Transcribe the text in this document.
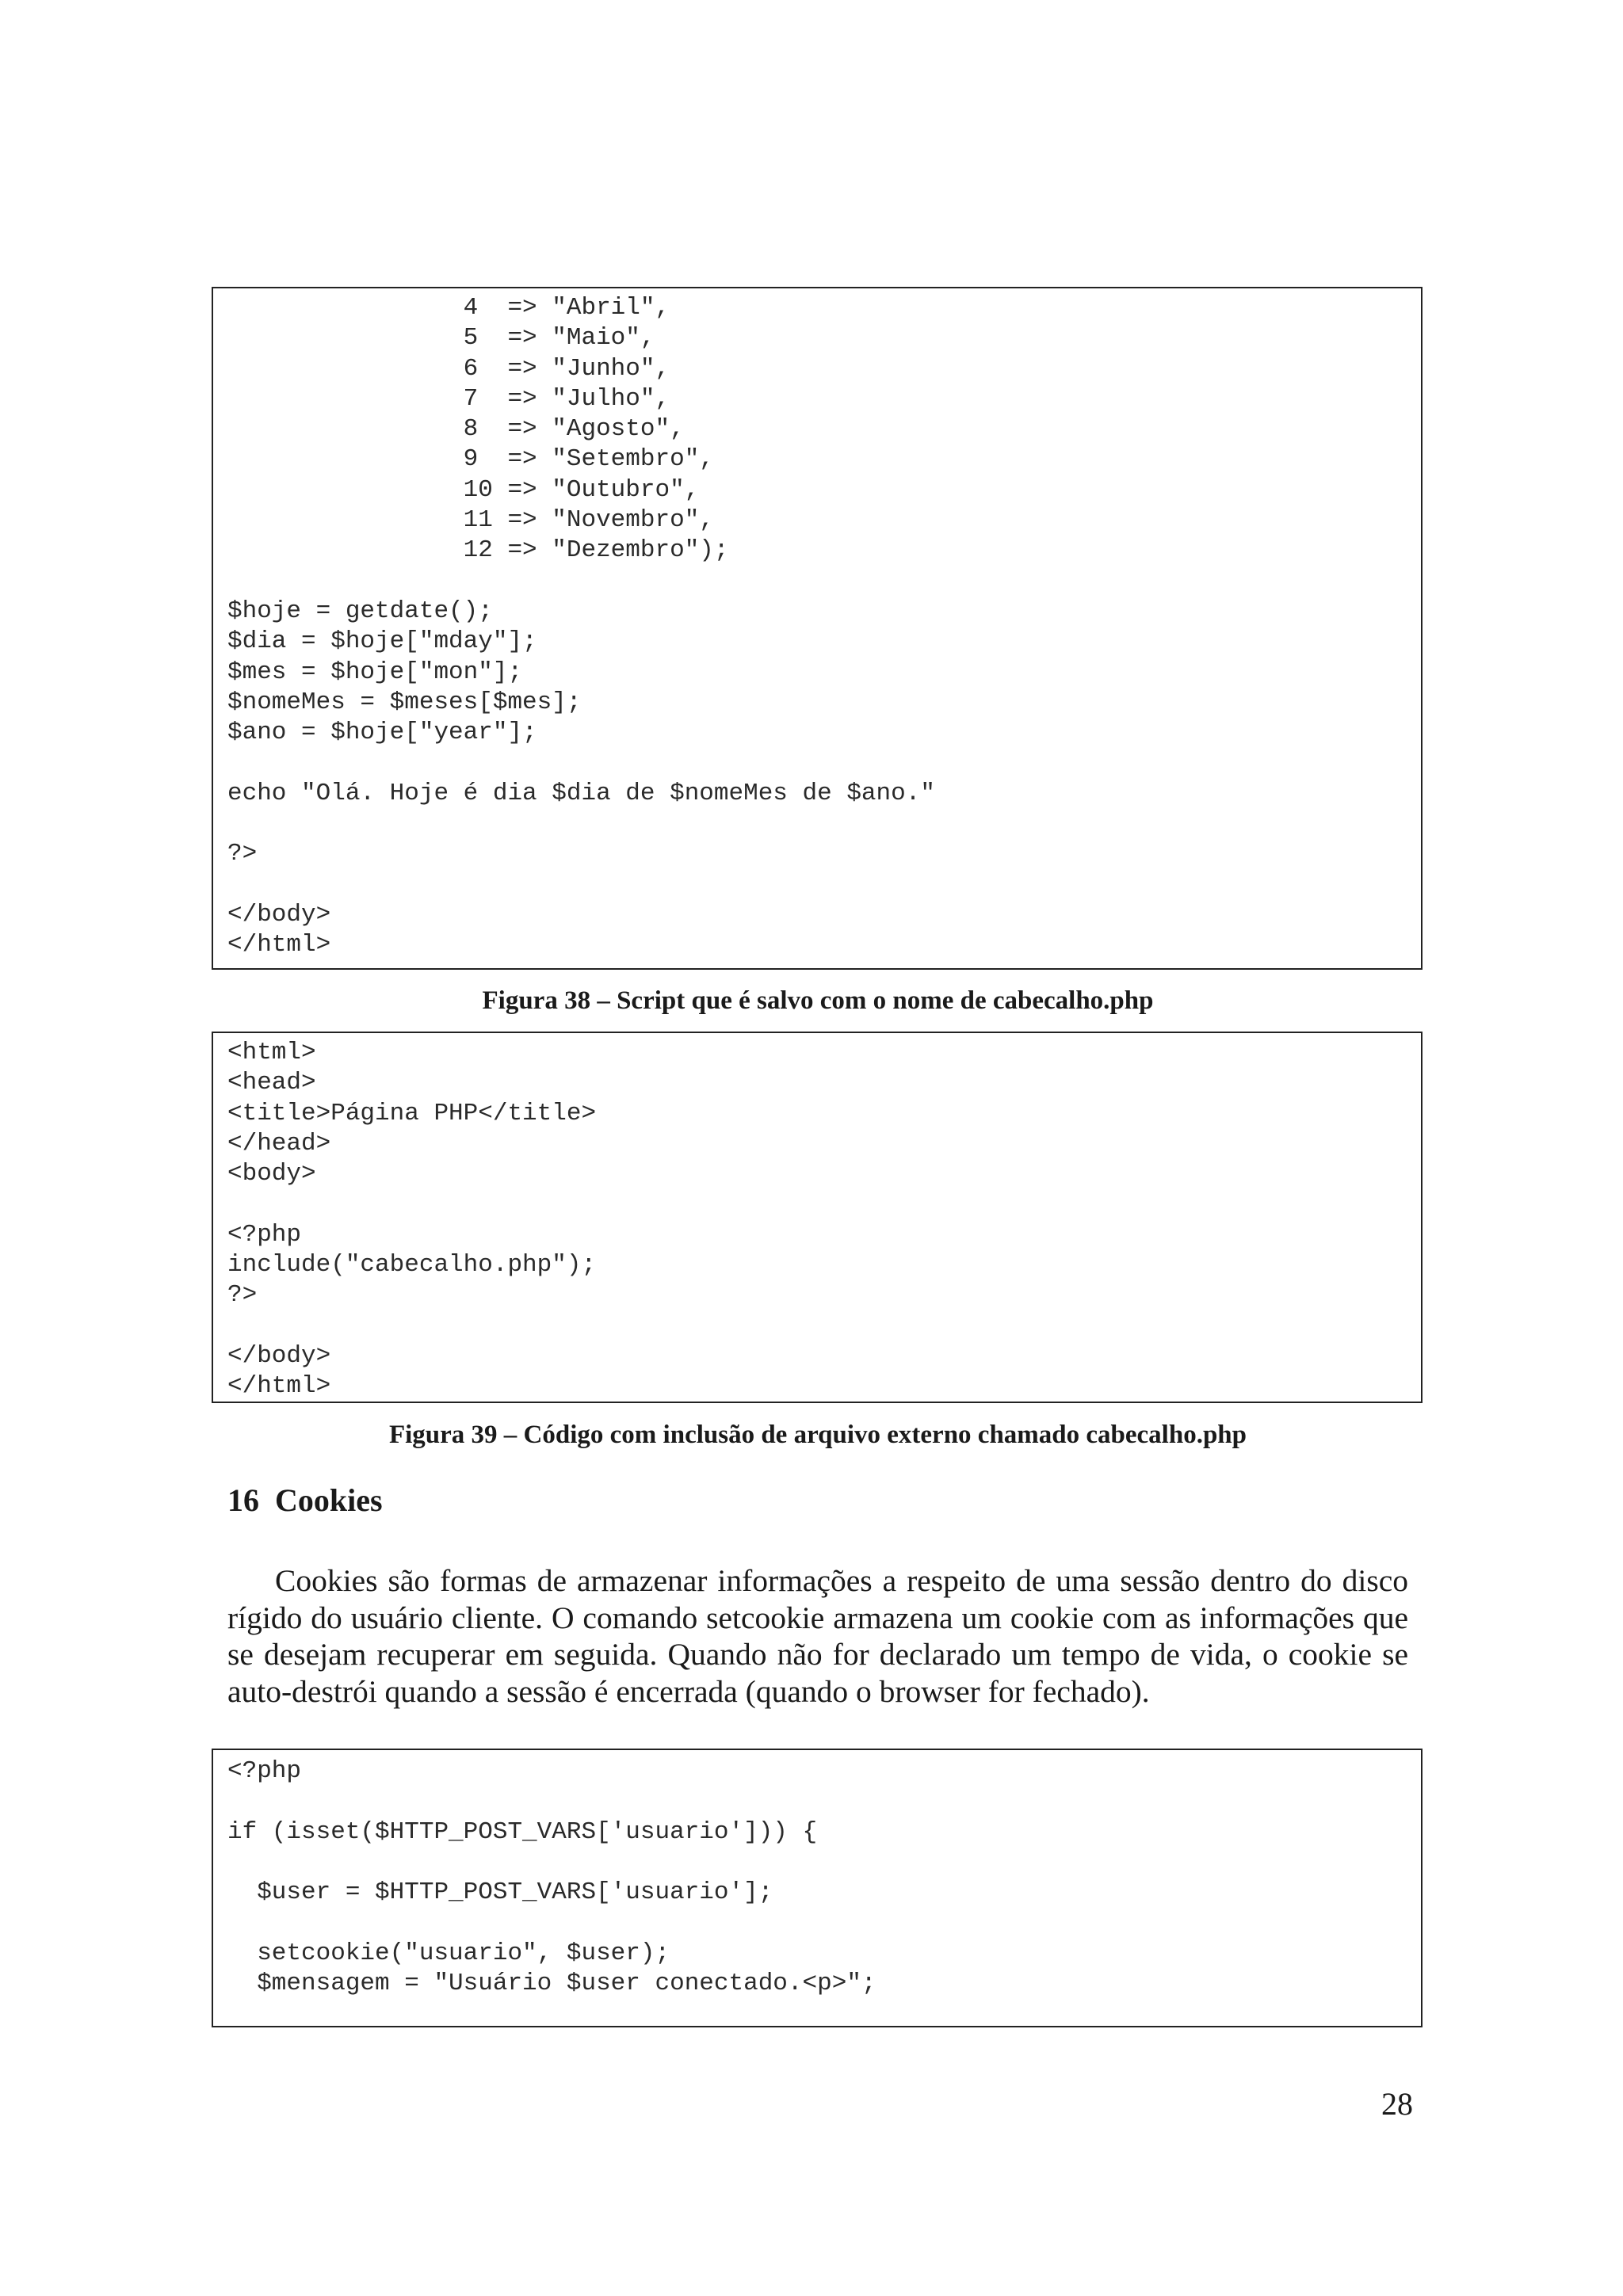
4  => "Abril",
5  => "Maio",
6  => "Junho",
7  => "Julho",
8  => "Agosto",
9  => "Setembro",
10 => "Outubro",
11 => "Novembro",
12 => "Dezembro");

$hoje = getdate();
$dia = $hoje["mday"];
$mes = $hoje["mon"];
$nomeMes = $meses[$mes];
$ano = $hoje["year"];

echo "Olá. Hoje é dia $dia de $nomeMes de $ano."

?>

</body>
</html>

Figura 38 – Script que é salvo com o nome de cabecalho.php

<html>
<head>
<title>Página PHP</title>
</head>
<body>

<?php
include("cabecalho.php");
?>

</body>
</html>

Figura 39 – Código com inclusão de arquivo externo chamado cabecalho.php

16 Cookies

Cookies são formas de armazenar informações a respeito de uma sessão dentro do disco rígido do usuário cliente. O comando setcookie armazena um cookie com as informações que se desejam recuperar em seguida. Quando não for declarado um tempo de vida, o cookie se auto-destrói quando a sessão é encerrada (quando o browser for fechado).

<?php

if (isset($HTTP_POST_VARS['usuario'])) {

$user = $HTTP_POST_VARS['usuario'];

setcookie("usuario", $user);
$mensagem = "Usuário $user conectado.<p>";

28
